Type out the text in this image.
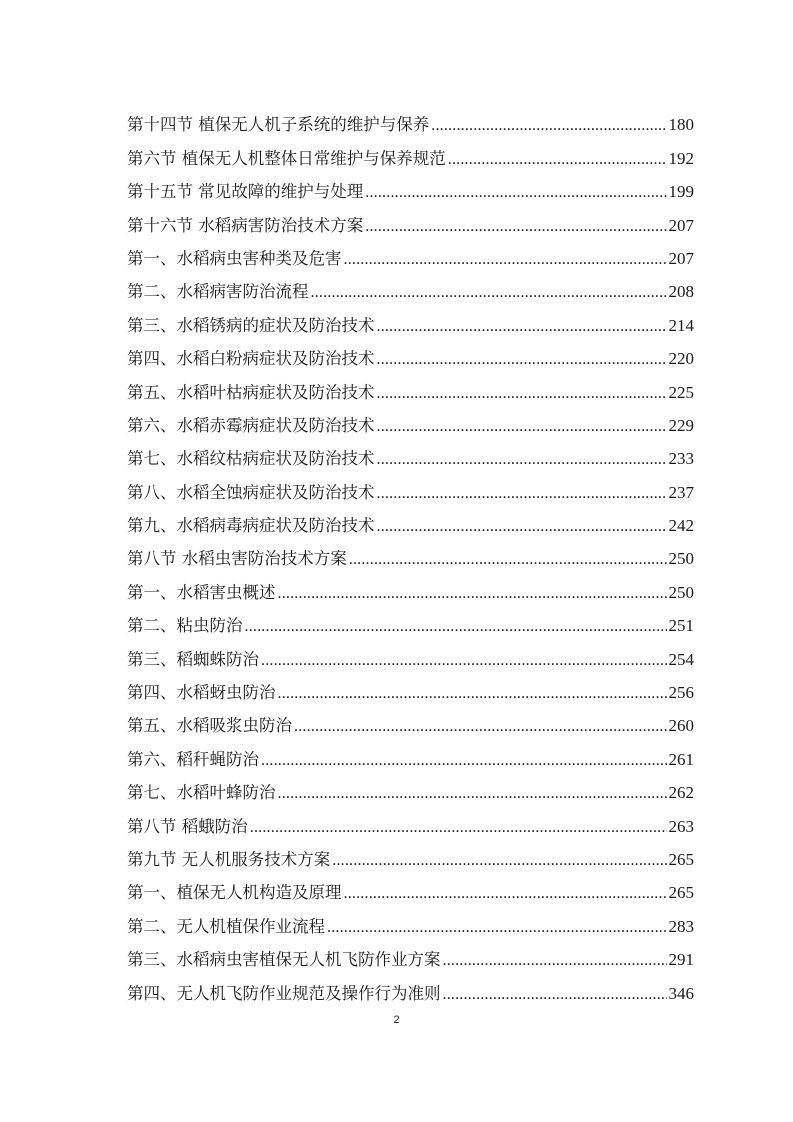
第十四节 植保无人机子系统的维护与保养 .....	180
第六节 植保无人机整体日常维护与保养规范 .....	192
第十五节 常见故障的维护与处理 .....	199
第十六节 水稻病害防治技术方案 .....	207
第一、水稻病虫害种类及危害 .....	207
第二、水稻病害防治流程 .....	208
第三、水稻锈病的症状及防治技术 .....	214
第四、水稻白粉病症状及防治技术 .....	220
第五、水稻叶枯病症状及防治技术 .....	225
第六、水稻赤霉病症状及防治技术 .....	229
第七、水稻纹枯病症状及防治技术 .....	233
第八、水稻全蚀病症状及防治技术 .....	237
第九、水稻病毒病症状及防治技术 .....	242
第八节 水稻虫害防治技术方案 .....	250
第一、水稻害虫概述 .....	250
第二、粘虫防治 .....	251
第三、稻蜘蛛防治 .....	254
第四、水稻蚜虫防治 .....	256
第五、水稻吸浆虫防治 .....	260
第六、稻秆蝇防治 .....	261
第七、水稻叶蜂防治 .....	262
第八节 稻蛾防治 .....	263
第九节 无人机服务技术方案 .....	265
第一、植保无人机构造及原理 .....	265
第二、无人机植保作业流程 .....	283
第三、水稻病虫害植保无人机飞防作业方案 .....	291
第四、无人机飞防作业规范及操作行为准则 .....	346
2
